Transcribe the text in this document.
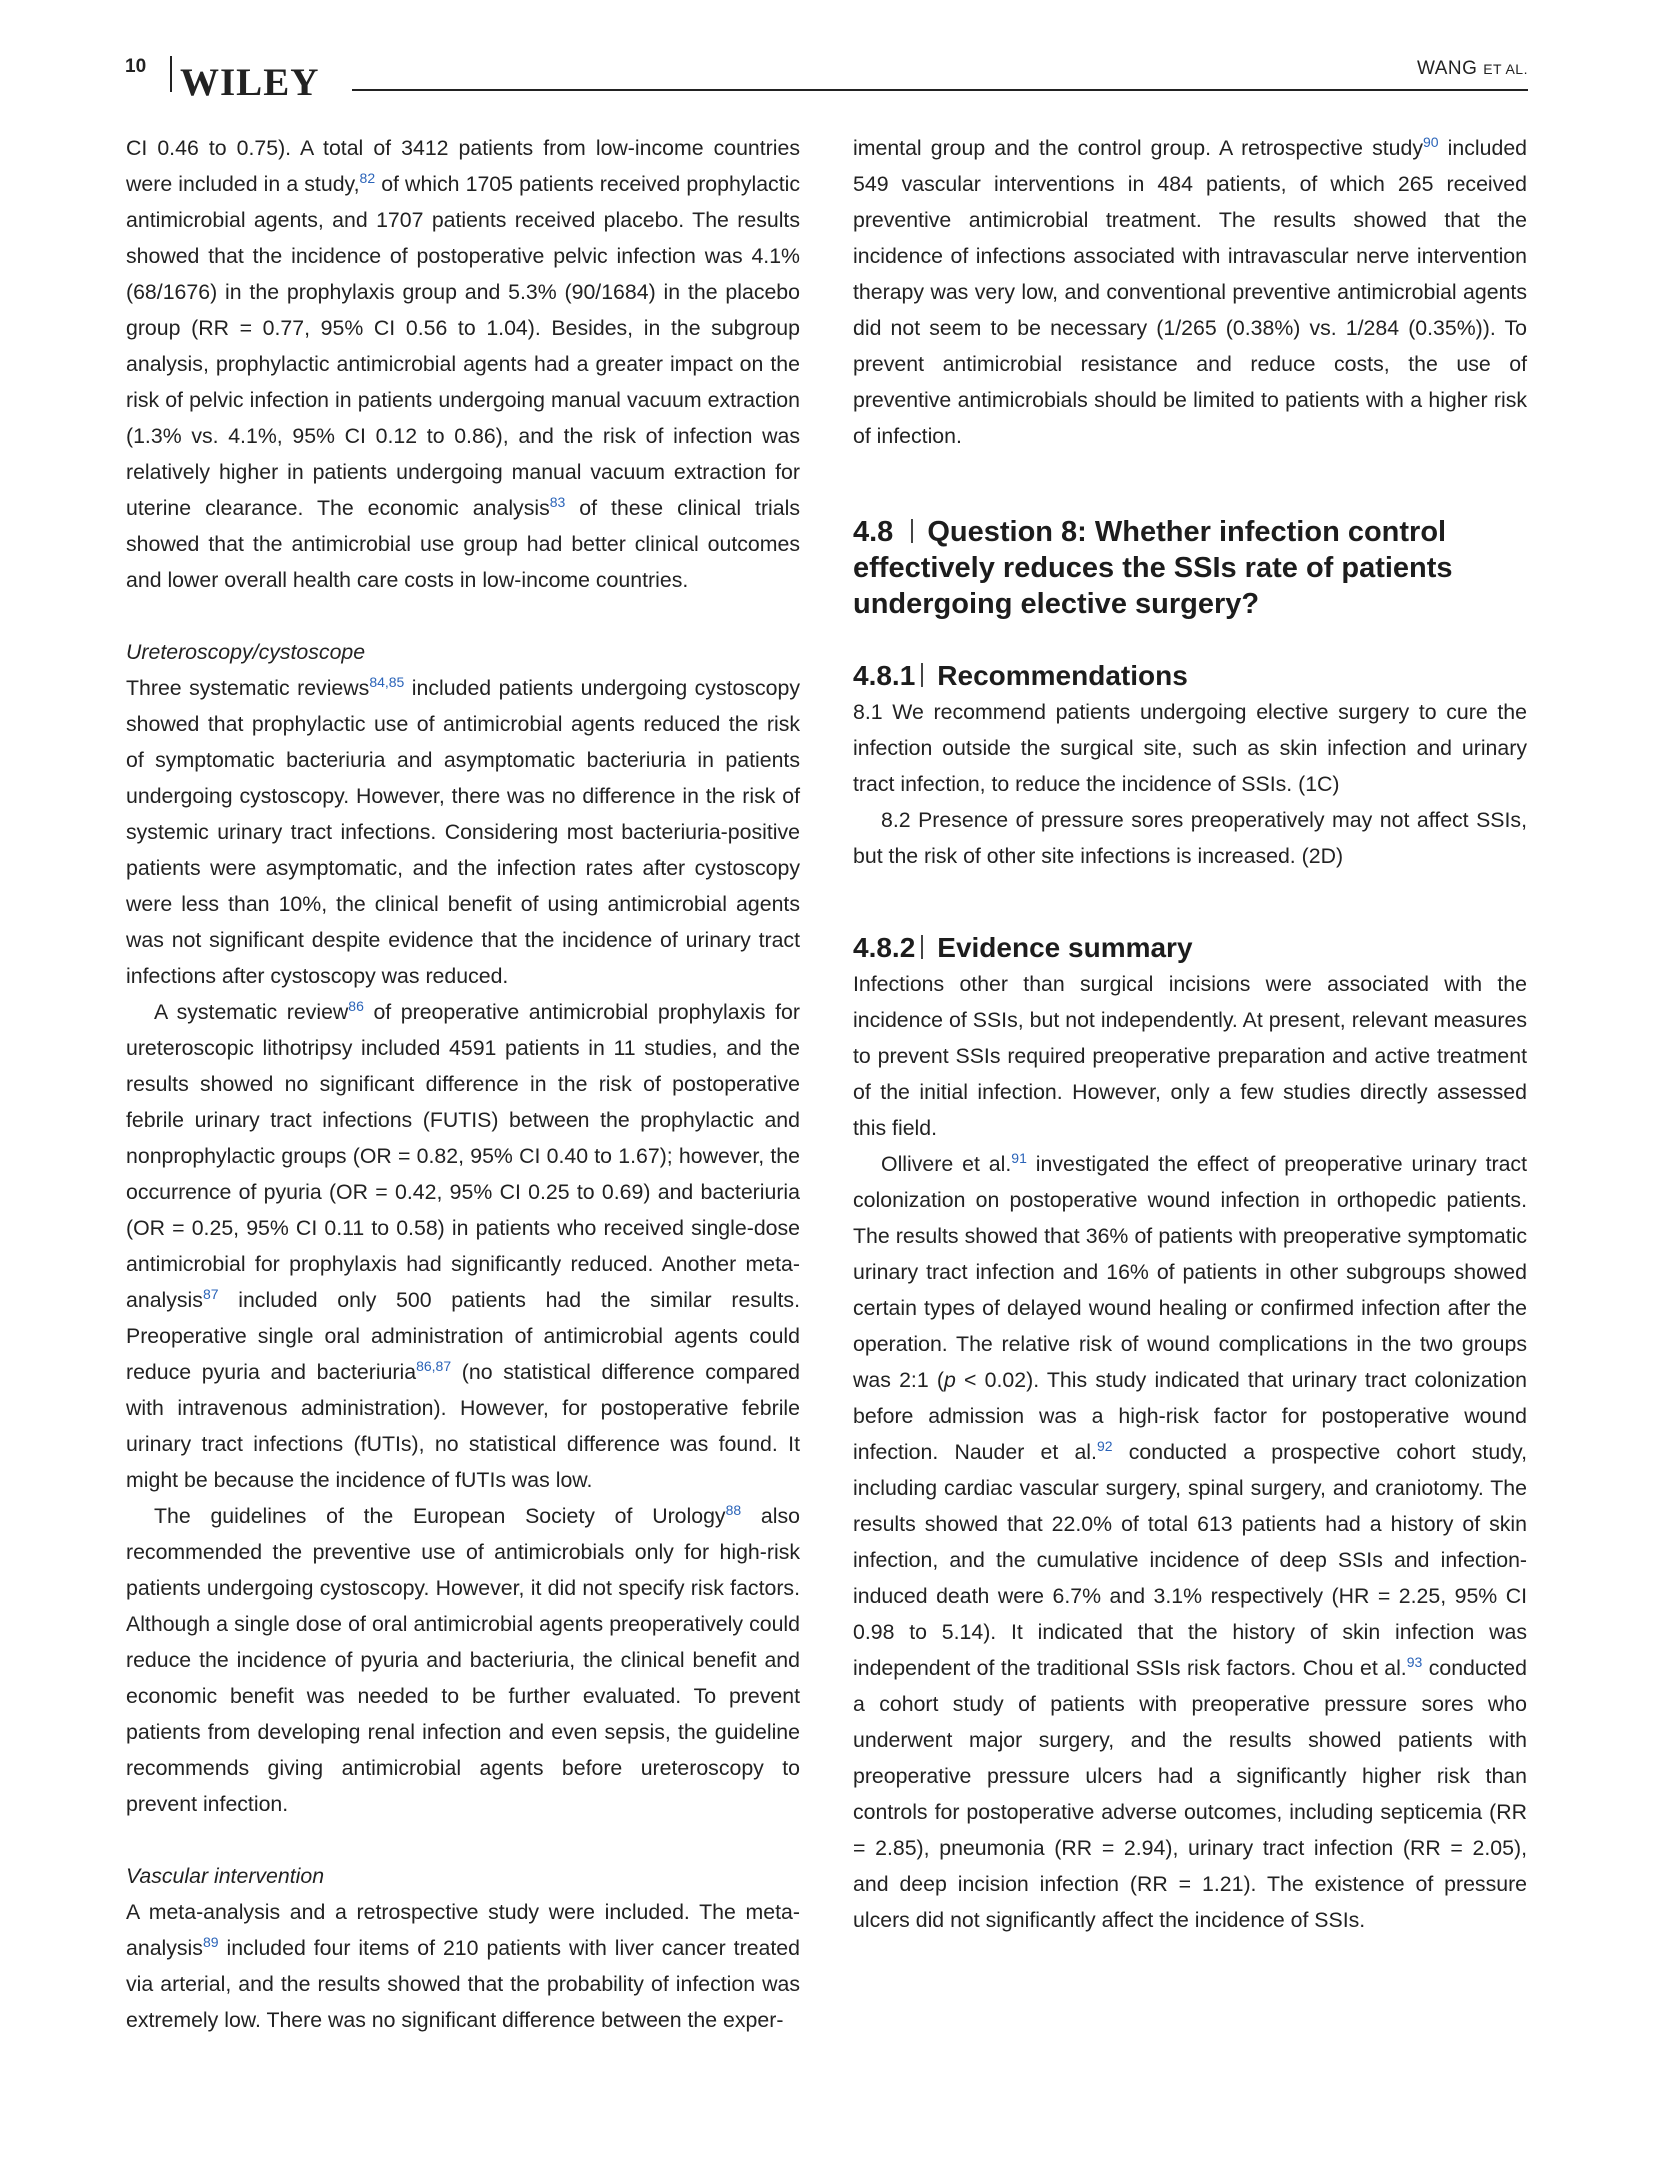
10 WILEY	WANG ET AL.

CI 0.46 to 0.75). A total of 3412 patients from low-income countries were included in a study,$^{82}$ of which 1705 patients received prophylactic antimicrobial agents, and 1707 patients received placebo. The results showed that the incidence of postoperative pelvic infection was 4.1% (68/1676) in the prophylaxis group and 5.3% (90/1684) in the placebo group (RR = 0.77, 95% CI 0.56 to 1.04). Besides, in the subgroup analysis, prophylactic antimicrobial agents had a greater impact on the risk of pelvic infection in patients undergoing manual vacuum extraction (1.3% vs. 4.1%, 95% CI 0.12 to 0.86), and the risk of infection was relatively higher in patients undergoing manual vacuum extraction for uterine clearance. The economic analysis$^{83}$ of these clinical trials showed that the antimicrobial use group had better clinical outcomes and lower overall health care costs in low-income countries.

Ureteroscopy/cystoscope

Three systematic reviews$^{84,85}$ included patients undergoing cystoscopy showed that prophylactic use of antimicrobial agents reduced the risk of symptomatic bacteriuria and asymptomatic bacteriuria in patients undergoing cystoscopy. However, there was no difference in the risk of systemic urinary tract infections. Considering most bacteriuria-positive patients were asymptomatic, and the infection rates after cystoscopy were less than 10%, the clinical benefit of using antimicrobial agents was not significant despite evidence that the incidence of urinary tract infections after cystoscopy was reduced.

A systematic review$^{86}$ of preoperative antimicrobial prophylaxis for ureteroscopic lithotripsy included 4591 patients in 11 studies, and the results showed no significant difference in the risk of postoperative febrile urinary tract infections (FUTIS) between the prophylactic and nonprophylactic groups (OR = 0.82, 95% CI 0.40 to 1.67); however, the occurrence of pyuria (OR = 0.42, 95% CI 0.25 to 0.69) and bacteriuria (OR = 0.25, 95% CI 0.11 to 0.58) in patients who received single-dose antimicrobial for prophylaxis had significantly reduced. Another meta-analysis$^{87}$ included only 500 patients had the similar results. Preoperative single oral administration of antimicrobial agents could reduce pyuria and bacteriuria$^{86,87}$ (no statistical difference compared with intravenous administration). However, for postoperative febrile urinary tract infections (fUTIs), no statistical difference was found. It might be because the incidence of fUTIs was low.

The guidelines of the European Society of Urology$^{88}$ also recommended the preventive use of antimicrobials only for high-risk patients undergoing cystoscopy. However, it did not specify risk factors. Although a single dose of oral antimicrobial agents preoperatively could reduce the incidence of pyuria and bacteriuria, the clinical benefit and economic benefit was needed to be further evaluated. To prevent patients from developing renal infection and even sepsis, the guideline recommends giving antimicrobial agents before ureteroscopy to prevent infection.

Vascular intervention

A meta-analysis and a retrospective study were included. The meta-analysis$^{89}$ included four items of 210 patients with liver cancer treated via arterial, and the results showed that the probability of infection was extremely low. There was no significant difference between the exper-

imental group and the control group. A retrospective study$^{90}$ included 549 vascular interventions in 484 patients, of which 265 received preventive antimicrobial treatment. The results showed that the incidence of infections associated with intravascular nerve intervention therapy was very low, and conventional preventive antimicrobial agents did not seem to be necessary (1/265 (0.38%) vs. 1/284 (0.35%)). To prevent antimicrobial resistance and reduce costs, the use of preventive antimicrobials should be limited to patients with a higher risk of infection.

4.8 Question 8: Whether infection control effectively reduces the SSIs rate of patients undergoing elective surgery?
4.8.1 Recommendations

8.1 We recommend patients undergoing elective surgery to cure the infection outside the surgical site, such as skin infection and urinary tract infection, to reduce the incidence of SSIs. (1C)

8.2 Presence of pressure sores preoperatively may not affect SSIs, but the risk of other site infections is increased. (2D)

4.8.2 Evidence summary

Infections other than surgical incisions were associated with the incidence of SSIs, but not independently. At present, relevant measures to prevent SSIs required preoperative preparation and active treatment of the initial infection. However, only a few studies directly assessed this field.

Ollivere et al.$^{91}$ investigated the effect of preoperative urinary tract colonization on postoperative wound infection in orthopedic patients. The results showed that 36% of patients with preoperative symptomatic urinary tract infection and 16% of patients in other subgroups showed certain types of delayed wound healing or confirmed infection after the operation. The relative risk of wound complications in the two groups was 2:1 (p < 0.02). This study indicated that urinary tract colonization before admission was a high-risk factor for postoperative wound infection. Nauder et al.$^{92}$ conducted a prospective cohort study, including cardiac vascular surgery, spinal surgery, and craniotomy. The results showed that 22.0% of total 613 patients had a history of skin infection, and the cumulative incidence of deep SSIs and infection-induced death were 6.7% and 3.1% respectively (HR = 2.25, 95% CI 0.98 to 5.14). It indicated that the history of skin infection was independent of the traditional SSIs risk factors. Chou et al.$^{93}$ conducted a cohort study of patients with preoperative pressure sores who underwent major surgery, and the results showed patients with preoperative pressure ulcers had a significantly higher risk than controls for postoperative adverse outcomes, including septicemia (RR = 2.85), pneumonia (RR = 2.94), urinary tract infection (RR = 2.05), and deep incision infection (RR = 1.21). The existence of pressure ulcers did not significantly affect the incidence of SSIs.
